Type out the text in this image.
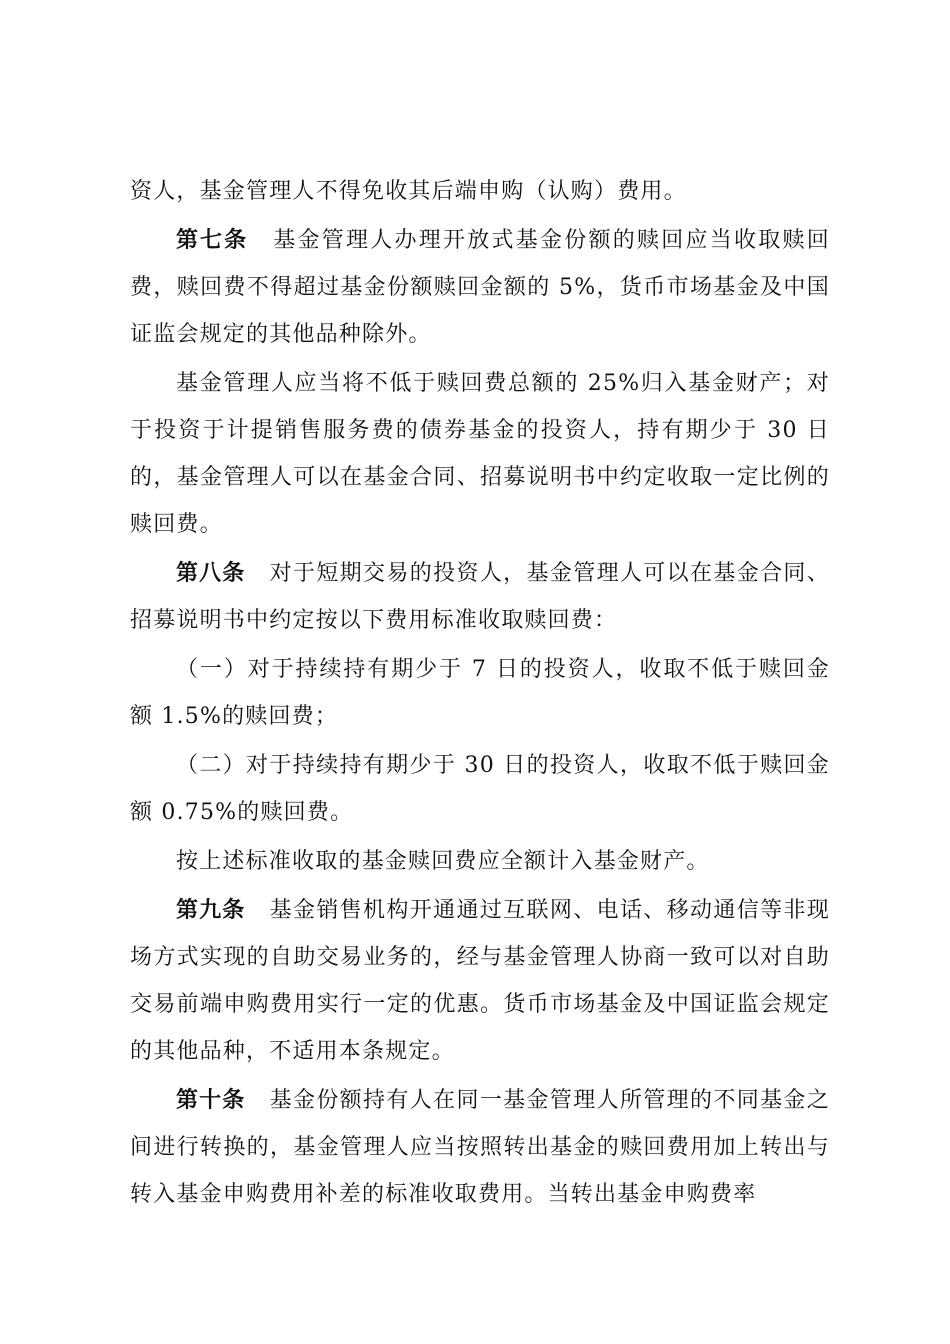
资人，基金管理人不得免收其后端申购（认购）费用。

第七条 基金管理人办理开放式基金份额的赎回应当收取赎回费，赎回费不得超过基金份额赎回金额的 5%，货币市场基金及中国证监会规定的其他品种除外。

基金管理人应当将不低于赎回费总额的 25%归入基金财产；对于投资于计提销售服务费的债券基金的投资人，持有期少于 30 日的，基金管理人可以在基金合同、招募说明书中约定收取一定比例的赎回费。

第八条 对于短期交易的投资人，基金管理人可以在基金合同、招募说明书中约定按以下费用标准收取赎回费：

（一）对于持续持有期少于 7 日的投资人，收取不低于赎回金额 1.5%的赎回费；

（二）对于持续持有期少于 30 日的投资人，收取不低于赎回金额 0.75%的赎回费。

按上述标准收取的基金赎回费应全额计入基金财产。

第九条 基金销售机构开通通过互联网、电话、移动通信等非现场方式实现的自助交易业务的，经与基金管理人协商一致可以对自助交易前端申购费用实行一定的优惠。货币市场基金及中国证监会规定的其他品种，不适用本条规定。

第十条 基金份额持有人在同一基金管理人所管理的不同基金之间进行转换的，基金管理人应当按照转出基金的赎回费用加上转出与转入基金申购费用补差的标准收取费用。当转出基金申购费率
